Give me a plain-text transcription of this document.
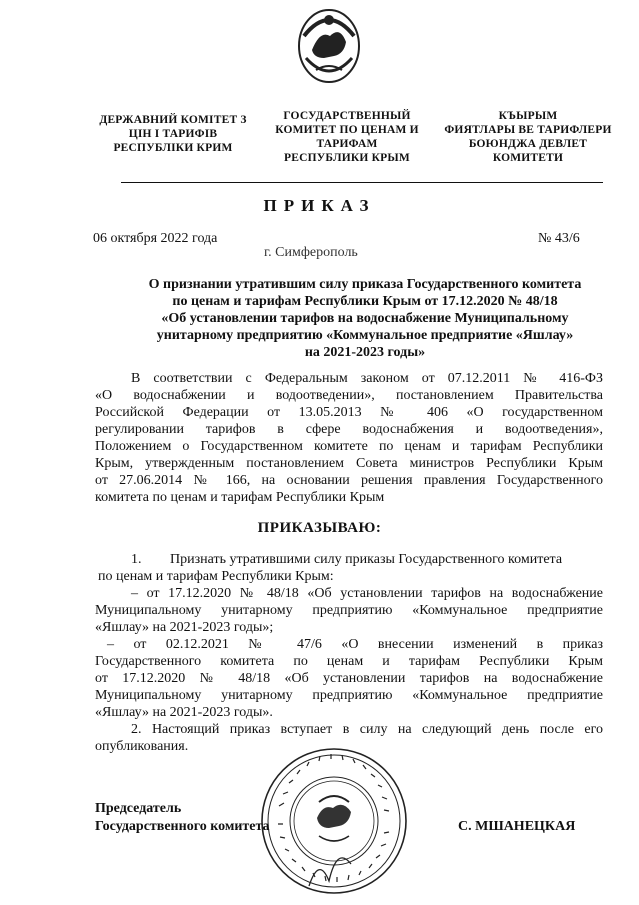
ДЕРЖАВНИЙ КОМІТЕТ З
ЦІН І ТАРИФІВ
РЕСПУБЛІКИ КРИМ
ГОСУДАРСТВЕННЫЙ
КОМИТЕТ ПО ЦЕНАМ И
ТАРИФАМ
РЕСПУБЛИКИ КРЫМ
КЪЫРЫМ
ФИЯТЛАРЫ ВЕ ТАРИФЛЕРИ
БОЮНДЖА ДЕВЛЕТ
КОМИТЕТИ
ПРИКАЗ
06 октября 2022 года	№ 43/6
г. Симферополь
О признании утратившим силу приказа Государственного комитета
по ценам и тарифам Республики Крым от 17.12.2020 № 48/18
«Об установлении тарифов на водоснабжение Муниципальному
унитарному предприятию «Коммунальное предприятие «Яшлау»
на 2021-2023 годы»
В соответствии с Федеральным законом от 07.12.2011 № 416-ФЗ
«О водоснабжении и водоотведении», постановлением Правительства
Российской Федерации от 13.05.2013 № 406 «О государственном
регулировании тарифов в сфере водоснабжения и водоотведения»,
Положением о Государственном комитете по ценам и тарифам Республики
Крым, утвержденным постановлением Совета министров Республики Крым
от 27.06.2014 № 166, на основании решения правления Государственного
комитета по ценам и тарифам Республики Крым
ПРИКАЗЫВАЮ:
1. Признать утратившими силу приказы Государственного комитета
по ценам и тарифам Республики Крым:
– от 17.12.2020 № 48/18 «Об установлении тарифов на водоснабжение
Муниципальному унитарному предприятию «Коммунальное предприятие
«Яшлау» на 2021-2023 годы»;
– от 02.12.2021 № 47/6 «О внесении изменений в приказ
Государственного комитета по ценам и тарифам Республики Крым
от 17.12.2020 № 48/18 «Об установлении тарифов на водоснабжение
Муниципальному унитарному предприятию «Коммунальное предприятие
«Яшлау» на 2021-2023 годы».
2. Настоящий приказ вступает в силу на следующий день после его
опубликования.
Председатель
Государственного комитета	С. МШАНЕЦКАЯ
